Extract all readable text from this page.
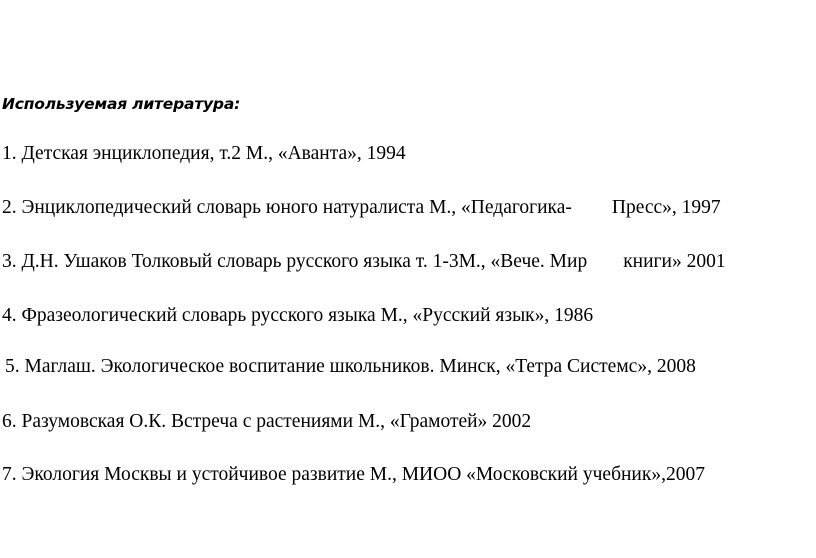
Используемая литература:
1. Детская энциклопедия, т.2 М., «Аванта», 1994
2. Энциклопедический словарь юного натуралиста М., «Педагогика- Пресс», 1997
3. Д.Н. Ушаков Толковый словарь русского языка т. 1-3М., «Вече. Мир книги» 2001
4. Фразеологический словарь русского языка М., «Русский язык», 1986
5. Маглаш. Экологическое воспитание школьников. Минск, «Тетра Системс», 2008
6. Разумовская О.К. Встреча с растениями М., «Грамотей» 2002
7. Экология Москвы и устойчивое развитие М., МИОО «Московский учебник»,2007
